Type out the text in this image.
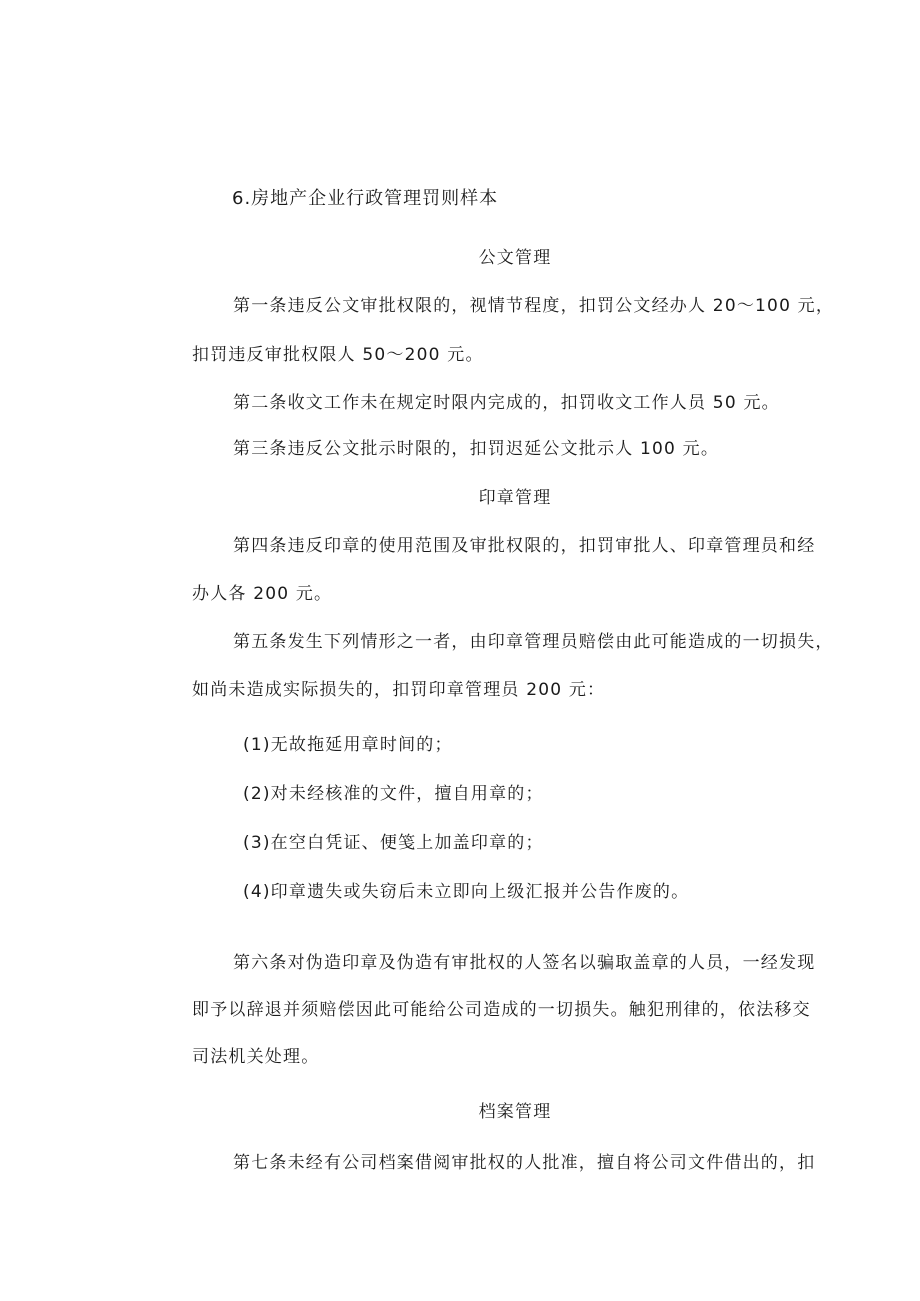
6.房地产企业行政管理罚则样本
公文管理
第一条违反公文审批权限的，视情节程度，扣罚公文经办人 20～100 元，
扣罚违反审批权限人 50～200 元。
第二条收文工作未在规定时限内完成的，扣罚收文工作人员 50 元。
第三条违反公文批示时限的，扣罚迟延公文批示人 100 元。
印章管理
第四条违反印章的使用范围及审批权限的，扣罚审批人、印章管理员和经
办人各 200 元。
第五条发生下列情形之一者，由印章管理员赔偿由此可能造成的一切损失，
如尚未造成实际损失的，扣罚印章管理员 200 元：
(1)无故拖延用章时间的；
(2)对未经核准的文件，擅自用章的；
(3)在空白凭证、便笺上加盖印章的；
(4)印章遗失或失窃后未立即向上级汇报并公告作废的。
第六条对伪造印章及伪造有审批权的人签名以骗取盖章的人员，一经发现
即予以辞退并须赔偿因此可能给公司造成的一切损失。触犯刑律的，依法移交
司法机关处理。
档案管理
第七条未经有公司档案借阅审批权的人批准，擅自将公司文件借出的，扣
